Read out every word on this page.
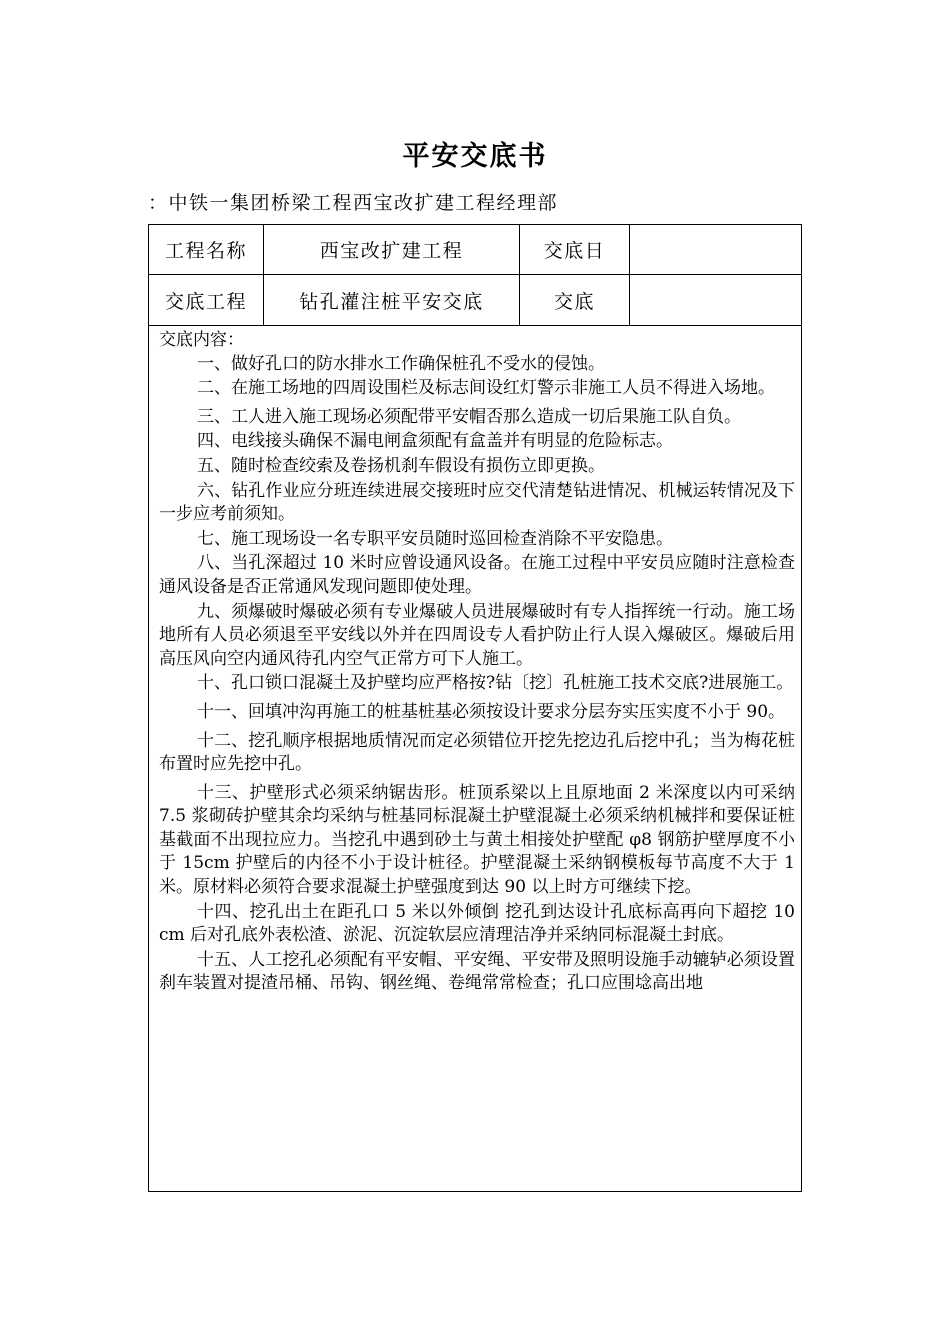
平安交底书
：中铁一集团桥梁工程西宝改扩建工程经理部
工程名称	西宝改扩建工程	交底日
交底工程	钻孔灌注桩平安交底	交底
交底内容：

一、做好孔口的防水排水工作确保桩孔不受水的侵蚀。

二、在施工场地的四周设围栏及标志间设红灯警示非施工人员不得进入场地。

三、工人进入施工现场必须配带平安帽否那么造成一切后果施工队自负。

四、电线接头确保不漏电闸盒须配有盒盖并有明显的危险标志。

五、随时检查绞索及卷扬机刹车假设有损伤立即更换。

六、钻孔作业应分班连续进展交接班时应交代清楚钻进情况、机械运转情况及下一步应考前须知。

七、施工现场设一名专职平安员随时巡回检查消除不平安隐患。

八、当孔深超过 10 米时应曾设通风设备。在施工过程中平安员应随时注意检查通风设备是否正常通风发现问题即使处理。

九、须爆破时爆破必须有专业爆破人员进展爆破时有专人指挥统一行动。施工场地所有人员必须退至平安线以外并在四周设专人看护防止行人误入爆破区。爆破后用高压风向空内通风待孔内空气正常方可下人施工。

十、孔口锁口混凝土及护壁均应严格按?钻〔挖〕孔桩施工技术交底?进展施工。

十一、回填冲沟再施工的桩基桩基必须按设计要求分层夯实压实度不小于 90。

十二、挖孔顺序根据地质情况而定必须错位开挖先挖边孔后挖中孔；当为梅花桩布置时应先挖中孔。

十三、护壁形式必须采纳锯齿形。桩顶系梁以上且原地面 2 米深度以内可采纳 7.5 浆砌砖护壁其余均采纳与桩基同标混凝土护壁混凝土必须采纳机械拌和要保证桩基截面不出现拉应力。当挖孔中遇到砂土与黄土相接处护壁配 φ8 钢筋护壁厚度不小于 15cm 护壁后的内径不小于设计桩径。护壁混凝土采纳钢模板每节高度不大于 1 米。原材料必须符合要求混凝土护壁强度到达 90 以上时方可继续下挖。

十四、挖孔出土在距孔口 5 米以外倾倒 挖孔到达设计孔底标高再向下超挖 10 cm 后对孔底外表松渣、淤泥、沉淀软层应清理洁净并采纳同标混凝土封底。

十五、人工挖孔必须配有平安帽、平安绳、平安带及照明设施手动辘轳必须设置刹车装置对提渣吊桶、吊钩、钢丝绳、卷绳常常检查；孔口应围埝高出地
